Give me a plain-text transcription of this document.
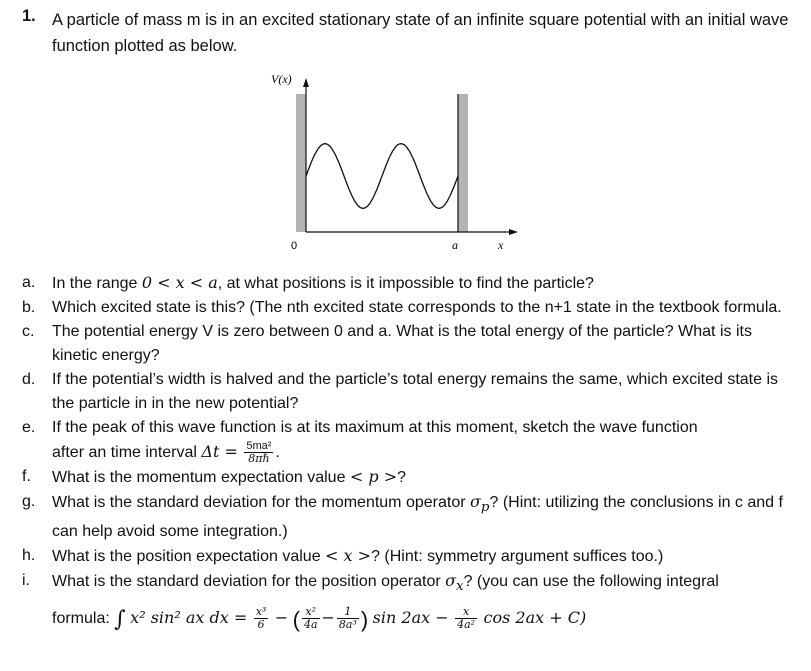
1. A particle of mass m is in an excited stationary state of an infinite square potential with an initial wave function plotted as below.
V(x)
0	a	x
a. In the range 0 < x < a, at what positions is it impossible to find the particle?
b. Which excited state is this? (The nth excited state corresponds to the n+1 state in the textbook formula.
c. The potential energy V is zero between 0 and a. What is the total energy of the particle? What is its kinetic energy?
d. If the potential’s width is halved and the particle’s total energy remains the same, which excited state is the particle in in the new potential?
e. If the peak of this wave function is at its maximum at this moment, sketch the wave function
after an time interval $\Delta t = \frac{\text{5ma²}}{\text{8πℏ}}$ .
f. What is the momentum expectation value < p >?
g. What is the standard deviation for the momentum operator $\sigma_p$? (Hint: utilizing the conclusions in c and f can help avoid some integration.)
h. What is the position expectation value < x >? (Hint: symmetry argument suffices too.)
i. What is the standard deviation for the position operator $\sigma_x$? (you can use the following integral
formula: ∫ x² sin² ax dx = $\frac{\text{x³}}{6}$ − ( $\frac{\text{x²}}{4a} - \frac{1}{\text{8a³}}$ ) $\sin 2ax - \frac{x}{\text{4a²}}$ cos 2ax + C)
